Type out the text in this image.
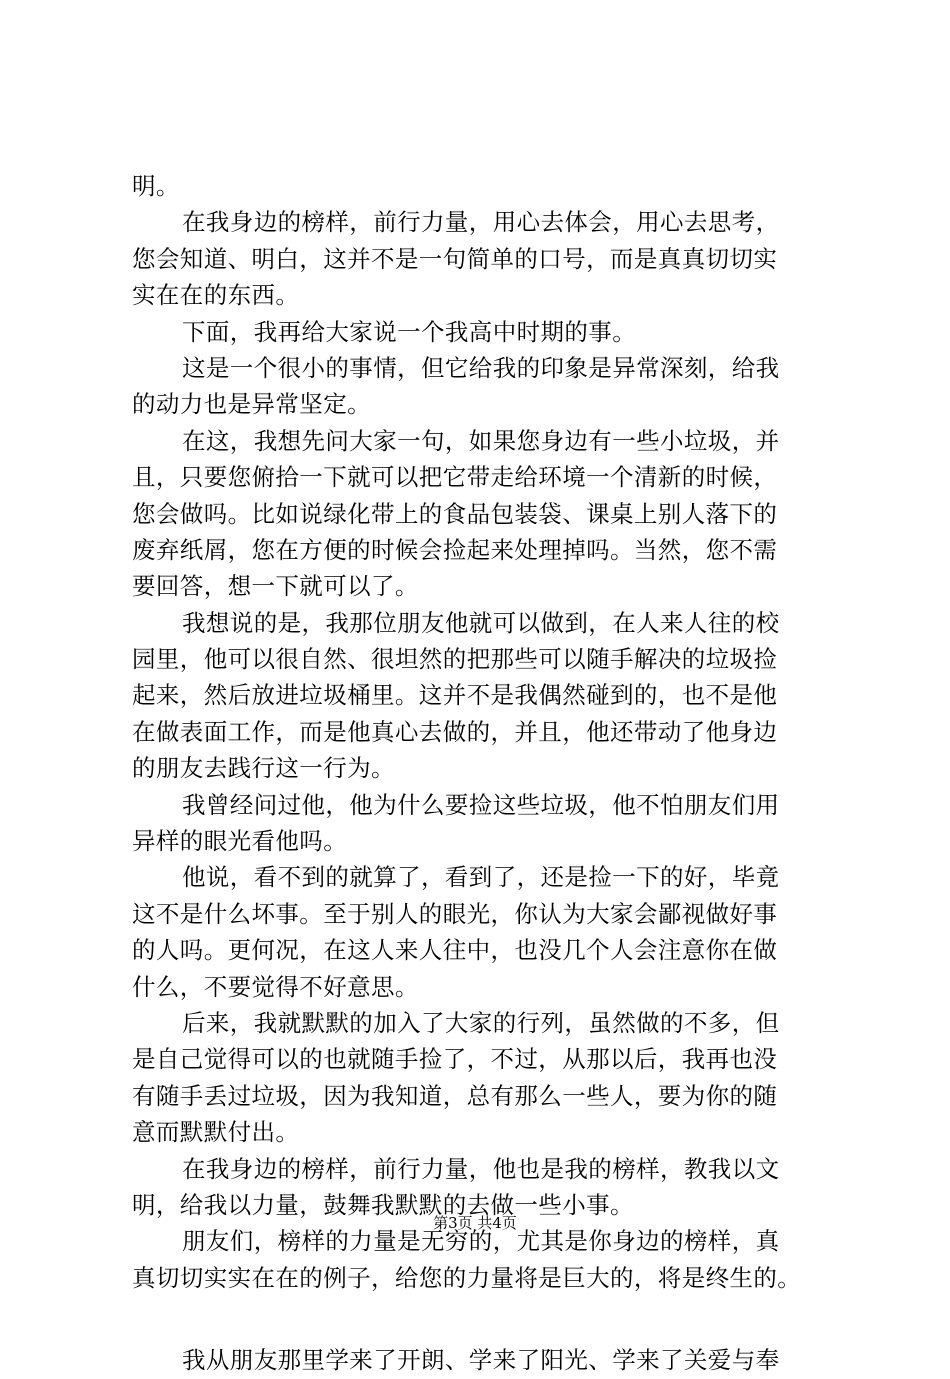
明。
在我身边的榜样，前行力量，用心去体会，用心去思考，
您会知道、明白，这并不是一句简单的口号，而是真真切切实
实在在的东西。
下面，我再给大家说一个我高中时期的事。
这是一个很小的事情，但它给我的印象是异常深刻，给我
的动力也是异常坚定。
在这，我想先问大家一句，如果您身边有一些小垃圾，并
且，只要您俯拾一下就可以把它带走给环境一个清新的时候，
您会做吗。比如说绿化带上的食品包装袋、课桌上别人落下的
废弃纸屑，您在方便的时候会捡起来处理掉吗。当然，您不需
要回答，想一下就可以了。
我想说的是，我那位朋友他就可以做到，在人来人往的校
园里，他可以很自然、很坦然的把那些可以随手解决的垃圾捡
起来，然后放进垃圾桶里。这并不是我偶然碰到的，也不是他
在做表面工作，而是他真心去做的，并且，他还带动了他身边
的朋友去践行这一行为。
我曾经问过他，他为什么要捡这些垃圾，他不怕朋友们用
异样的眼光看他吗。
他说，看不到的就算了，看到了，还是捡一下的好，毕竟
这不是什么坏事。至于别人的眼光，你认为大家会鄙视做好事
的人吗。更何况，在这人来人往中，也没几个人会注意你在做
什么，不要觉得不好意思。
后来，我就默默的加入了大家的行列，虽然做的不多，但
是自己觉得可以的也就随手捡了，不过，从那以后，我再也没
有随手丢过垃圾，因为我知道，总有那么一些人，要为你的随
意而默默付出。
在我身边的榜样，前行力量，他也是我的榜样，教我以文
明，给我以力量，鼓舞我默默的去做一些小事。
朋友们，榜样的力量是无穷的，尤其是你身边的榜样，真
真切切实实在在的例子，给您的力量将是巨大的，将是终生的。
我从朋友那里学来了开朗、学来了阳光、学来了关爱与奉
第3页 共4页
